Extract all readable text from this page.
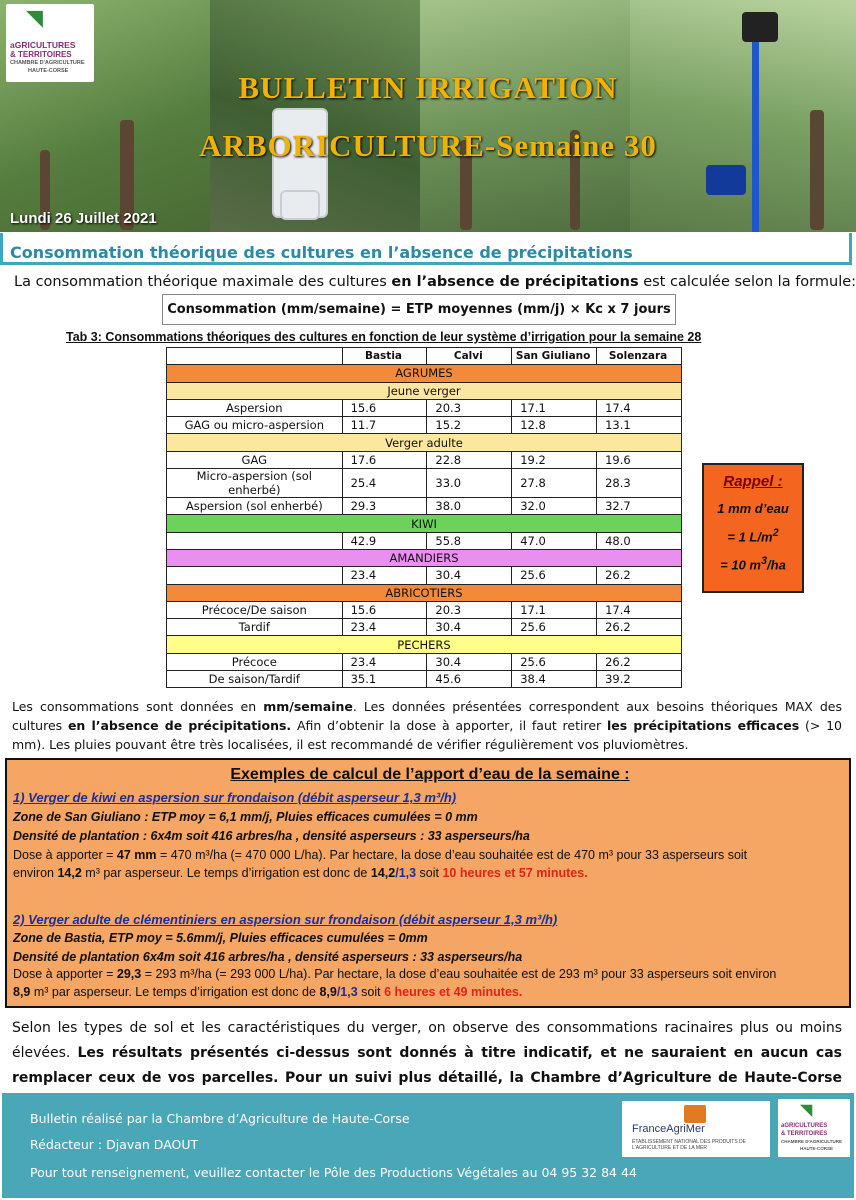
◥
aGRICULTURES
& TERRITOIRES
CHAMBRE D'AGRICULTURE
HAUTE-CORSE	BULLETIN IRRIGATION
ARBORICULTURE-Semaine 30
Lundi 26 Juillet 2021
Consommation théorique des cultures en l’absence de précipitations
La consommation théorique maximale des cultures en l’absence de précipitations est calculée selon la formule:
Consommation (mm/semaine) = ETP moyennes (mm/j) × Kc x 7 jours
Tab 3: Consommations théoriques des cultures en fonction de leur système d’irrigation pour la semaine 28
	Bastia	Calvi	San Giuliano	Solenzara
AGRUMES				
Jeune verger				
Aspersion	15.6	20.3	17.1	17.4
GAG ou micro-aspersion	11.7	15.2	12.8	13.1
Verger adulte				
GAG	17.6	22.8	19.2	19.6
Micro-aspersion (sol enherbé)	25.4	33.0	27.8	28.3
Aspersion (sol enherbé)	29.3	38.0	32.0	32.7
KIWI				
	42.9	55.8	47.0	48.0
AMANDIERS				
	23.4	30.4	25.6	26.2
ABRICOTIERS				
Précoce/De saison	15.6	20.3	17.1	17.4
Tardif	23.4	30.4	25.6	26.2
PECHERS				
Précoce	23.4	30.4	25.6	26.2
De saison/Tardif	35.1	45.6	38.4	39.2
Rappel :
1 mm d’eau
= 1 $L/m^2$
= 10 $m^3/ha$
Les consommations sont données en mm/semaine. Les données présentées correspondent aux besoins théoriques MAX des cultures en l’absence de précipitations. Afin d’obtenir la dose à apporter, il faut retirer les précipitations efficaces (> 10 mm). Les pluies pouvant être très localisées, il est recommandé de vérifier régulièrement vos pluviomètres.
Exemples de calcul de l’apport d’eau de la semaine :
1) Verger de kiwi en aspersion sur frondaison (débit asperseur 1,3 m³/h)
Zone de San Giuliano : ETP moy = 6,1 mm/j, Pluies efficaces cumulées = 0 mm
Densité de plantation : 6x4m soit 416 arbres/ha , densité asperseurs : 33 asperseurs/ha
Dose à apporter = 47 mm = 470 m³/ha (= 470 000 L/ha). Par hectare, la dose d’eau souhaitée est de 470 m³ pour 33 asperseurs soit
environ 14,2 m³ par asperseur. Le temps d’irrigation est donc de 14,2/1,3 soit 10 heures et 57 minutes.
2) Verger adulte de clémentiniers en aspersion sur frondaison (débit asperseur 1,3 m³/h)
Zone de Bastia, ETP moy = 5.6mm/j, Pluies efficaces cumulées = 0mm
Densité de plantation 6x4m soit 416 arbres/ha , densité asperseurs : 33 asperseurs/ha
Dose à apporter = 29,3 = 293 m³/ha (= 293 000 L/ha). Par hectare, la dose d’eau souhaitée est de 293 m³ pour 33 asperseurs soit environ
8,9 m³ par asperseur. Le temps d’irrigation est donc de 8,9/1,3 soit 6 heures et 49 minutes.
Selon les types de sol et les caractéristiques du verger, on observe des consommations racinaires plus ou moins élevées. Les résultats présentés ci-dessus sont donnés à titre indicatif, et ne sauraient en aucun cas remplacer ceux de vos parcelles. Pour un suivi plus détaillé, la Chambre d’Agriculture de Haute-Corse
Bulletin réalisé par la Chambre d’Agriculture de Haute-Corse
Rédacteur : Djavan DAOUT
Pour tout renseignement, veuillez contacter le Pôle des Productions Végétales au 04 95 32 84 44
FranceAgriMer
ÉTABLISSEMENT NATIONAL DES PRODUITS DE L'AGRICULTURE ET DE LA MER
◥
aGRICULTURES
& TERRITOIRES
CHAMBRE D'AGRICULTURE
HAUTE-CORSE
